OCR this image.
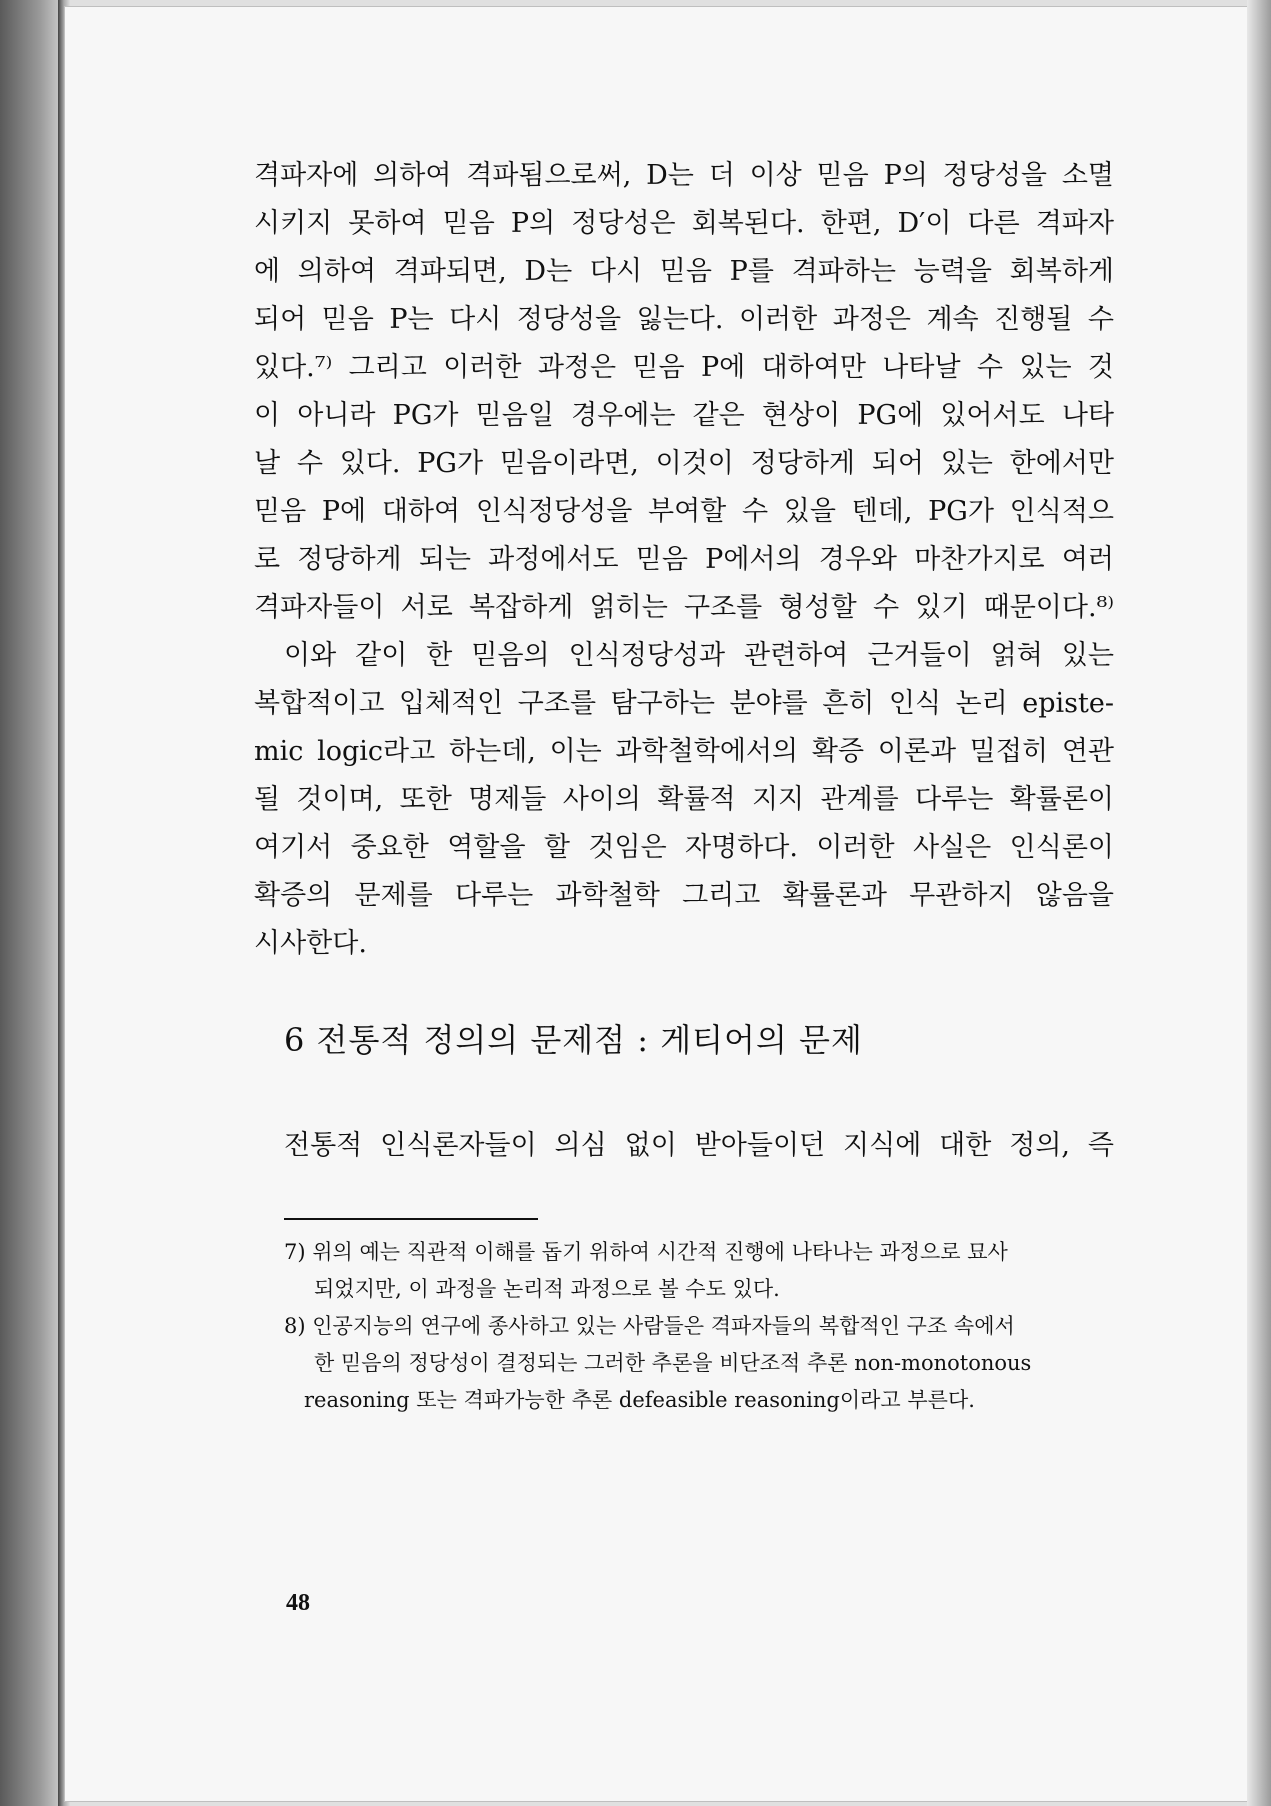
격파자에 의하여 격파됨으로써, D는 더 이상 믿음 P의 정당성을 소멸
시키지 못하여 믿음 P의 정당성은 회복된다. 한편, D′이 다른 격파자
에 의하여 격파되면, D는 다시 믿음 P를 격파하는 능력을 회복하게
되어 믿음 P는 다시 정당성을 잃는다. 이러한 과정은 계속 진행될 수
있다.⁷⁾ 그리고 이러한 과정은 믿음 P에 대하여만 나타날 수 있는 것
이 아니라 PG가 믿음일 경우에는 같은 현상이 PG에 있어서도 나타
날 수 있다. PG가 믿음이라면, 이것이 정당하게 되어 있는 한에서만
믿음 P에 대하여 인식정당성을 부여할 수 있을 텐데, PG가 인식적으
로 정당하게 되는 과정에서도 믿음 P에서의 경우와 마찬가지로 여러
격파자들이 서로 복잡하게 얽히는 구조를 형성할 수 있기 때문이다.⁸⁾
이와 같이 한 믿음의 인식정당성과 관련하여 근거들이 얽혀 있는
복합적이고 입체적인 구조를 탐구하는 분야를 흔히 인식 논리 episte-
mic logic라고 하는데, 이는 과학철학에서의 확증 이론과 밀접히 연관
될 것이며, 또한 명제들 사이의 확률적 지지 관계를 다루는 확률론이
여기서 중요한 역할을 할 것임은 자명하다. 이러한 사실은 인식론이
확증의 문제를 다루는 과학철학 그리고 확률론과 무관하지 않음을
시사한다.
6 전통적 정의의 문제점 : 게티어의 문제
전통적 인식론자들이 의심 없이 받아들이던 지식에 대한 정의, 즉
7) 위의 예는 직관적 이해를 돕기 위하여 시간적 진행에 나타나는 과정으로 묘사
되었지만, 이 과정을 논리적 과정으로 볼 수도 있다.
8) 인공지능의 연구에 종사하고 있는 사람들은 격파자들의 복합적인 구조 속에서
한 믿음의 정당성이 결정되는 그러한 추론을 비단조적 추론 non-monotonous
reasoning 또는 격파가능한 추론 defeasible reasoning이라고 부른다.
48
